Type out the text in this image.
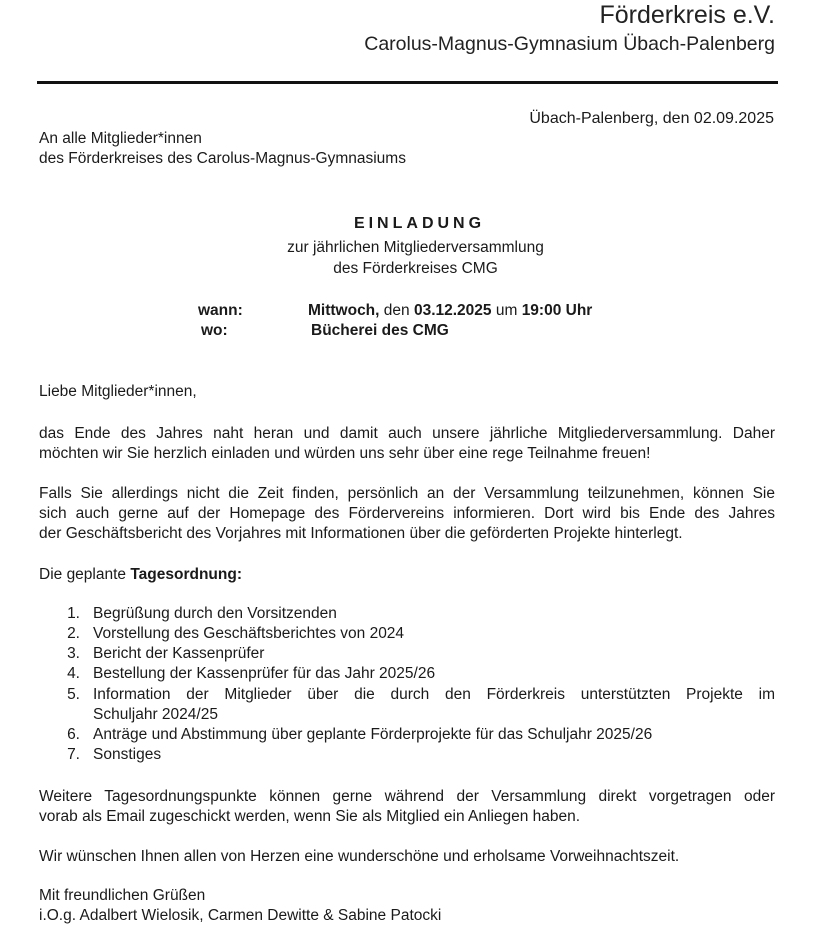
Förderkreis e.V.
Carolus-Magnus-Gymnasium Übach-Palenberg
Übach-Palenberg, den 02.09.2025
An alle Mitglieder*innen
des Förderkreises des Carolus-Magnus-Gymnasiums
EINLADUNG
zur jährlichen Mitgliederversammlung
des Förderkreises CMG
wann:	Mittwoch, den 03.12.2025 um 19:00 Uhr
wo:	Bücherei des CMG
Liebe Mitglieder*innen,
das Ende des Jahres naht heran und damit auch unsere jährliche Mitgliederversammlung. Daher
möchten wir Sie herzlich einladen und würden uns sehr über eine rege Teilnahme freuen!
Falls Sie allerdings nicht die Zeit finden, persönlich an der Versammlung teilzunehmen, können Sie
sich auch gerne auf der Homepage des Fördervereins informieren. Dort wird bis Ende des Jahres
der Geschäftsbericht des Vorjahres mit Informationen über die geförderten Projekte hinterlegt.
Die geplante Tagesordnung:
1. Begrüßung durch den Vorsitzenden
2. Vorstellung des Geschäftsberichtes von 2024
3. Bericht der Kassenprüfer
4. Bestellung der Kassenprüfer für das Jahr 2025/26
5. Information der Mitglieder über die durch den Förderkreis unterstützten Projekte im
Schuljahr 2024/25
6. Anträge und Abstimmung über geplante Förderprojekte für das Schuljahr 2025/26
7. Sonstiges
Weitere Tagesordnungspunkte können gerne während der Versammlung direkt vorgetragen oder
vorab als Email zugeschickt werden, wenn Sie als Mitglied ein Anliegen haben.
Wir wünschen Ihnen allen von Herzen eine wunderschöne und erholsame Vorweihnachtszeit.
Mit freundlichen Grüßen
i.O.g. Adalbert Wielosik, Carmen Dewitte & Sabine Patocki
